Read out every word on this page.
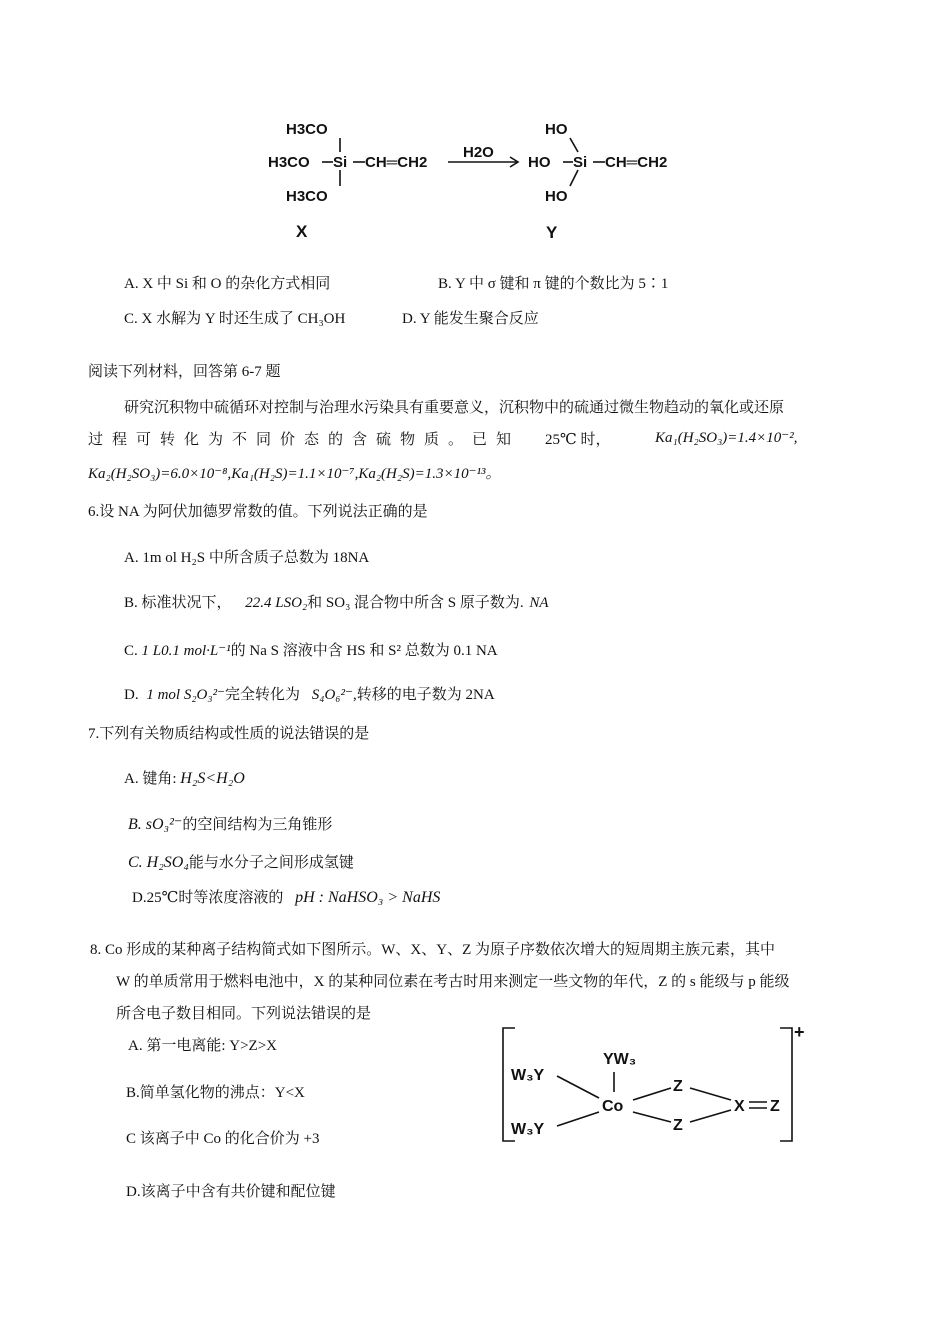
H3CO
H3CO
H3CO
Si CH═CH2
H2O
HO
HO
HO
Si CH═CH2
X	Y
A. X 中 Si 和 O 的杂化方式相同	B. Y 中 σ 键和 π 键的个数比为 5∶1
C. X 水解为 Y 时还生成了 CH₃OH	D. Y 能发生聚合反应
阅读下列材料，回答第 6-7 题
研究沉积物中硫循环对控制与治理水污染具有重要意义，沉积物中的硫通过微生物趋动的氧化或还原
过程可转化为不同价态的含硫物质。已知 25℃ 时，	Ka₁(H₂SO₃)=1.4×10⁻²,
Ka₂(H₂SO₃)=6.0×10⁻⁸,Ka₁(H₂S)=1.1×10⁻⁷,Ka₂(H₂S)=1.3×10⁻¹³。
6.设 NA 为阿伏加德罗常数的值。下列说法正确的是
A. 1m ol H₂S 中所含质子总数为 18NA
B. 标准状况下， 22.4 LSO₂和 SO₃ 混合物中所含 S 原子数为. NA
C. 1 L0.1 mol·L⁻¹的 Na S 溶液中含 HS 和 S² 总数为 0.1 NA
D. 1 mol S₂O₃²⁻完全转化为 S₄O₆²⁻,转移的电子数为 2NA
7.下列有关物质结构或性质的说法错误的是
A. 键角: H₂S<H₂O
B. sO₃²⁻的空间结构为三角锥形
C. H₂SO₄能与水分子之间形成氢键
D.25℃时等浓度溶液的 pH : NaHSO₃ > NaHS
8. Co 形成的某种离子结构简式如下图所示。W、X、Y、Z 为原子序数依次增大的短周期主族元素，其中
W 的单质常用于燃料电池中，X 的某种同位素在考古时用来测定一些文物的年代，Z 的 s 能级与 p 能级
所含电子数目相同。下列说法错误的是
A. 第一电离能: Y>Z>X
B.简单氢化物的沸点：Y<X
C 该离子中 Co 的化合价为 +3
D.该离子中含有共价键和配位键
YW₃
W₃Y
W₃Y
Co
Z
Z
X Z
+
